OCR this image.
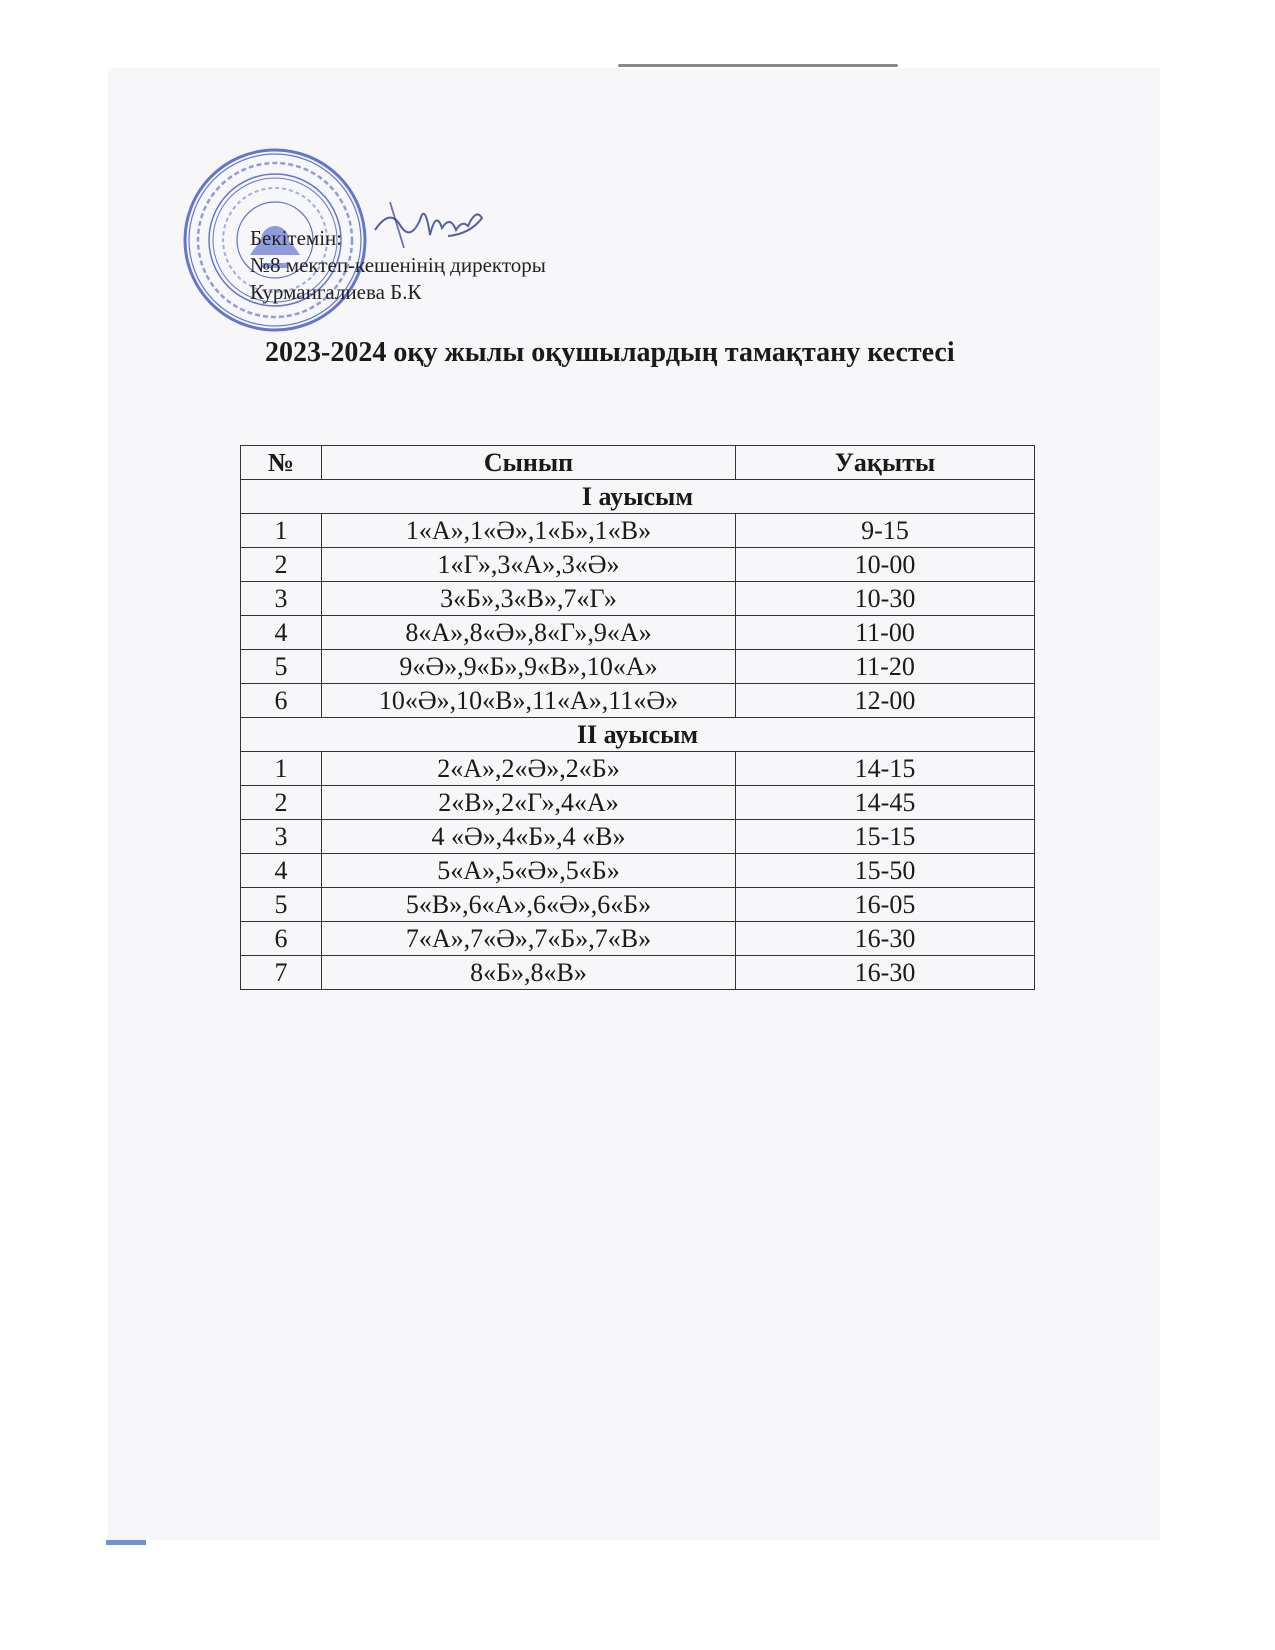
Бекітемін:
№8 мектеп-кешенінің директоры
Курмангалиева Б.К
2023-2024 оқу жылы оқушылардың тамақтану кестесі
№	Сынып	Уақыты
І ауысым		
1	1«А»,1«Ә»,1«Б»,1«В»	9-15
2	1«Г»,3«А»,3«Ә»	10-00
3	3«Б»,3«В»,7«Г»	10-30
4	8«А»,8«Ә»,8«Г»,9«А»	11-00
5	9«Ә»,9«Б»,9«В»,10«А»	11-20
6	10«Ә»,10«В»,11«А»,11«Ә»	12-00
ІІ ауысым		
1	2«А»,2«Ә»,2«Б»	14-15
2	2«В»,2«Г»,4«А»	14-45
3	4 «Ә»,4«Б»,4 «В»	15-15
4	5«А»,5«Ә»,5«Б»	15-50
5	5«В»,6«А»,6«Ә»,6«Б»	16-05
6	7«А»,7«Ә»,7«Б»,7«В»	16-30
7	8«Б»,8«В»	16-30
